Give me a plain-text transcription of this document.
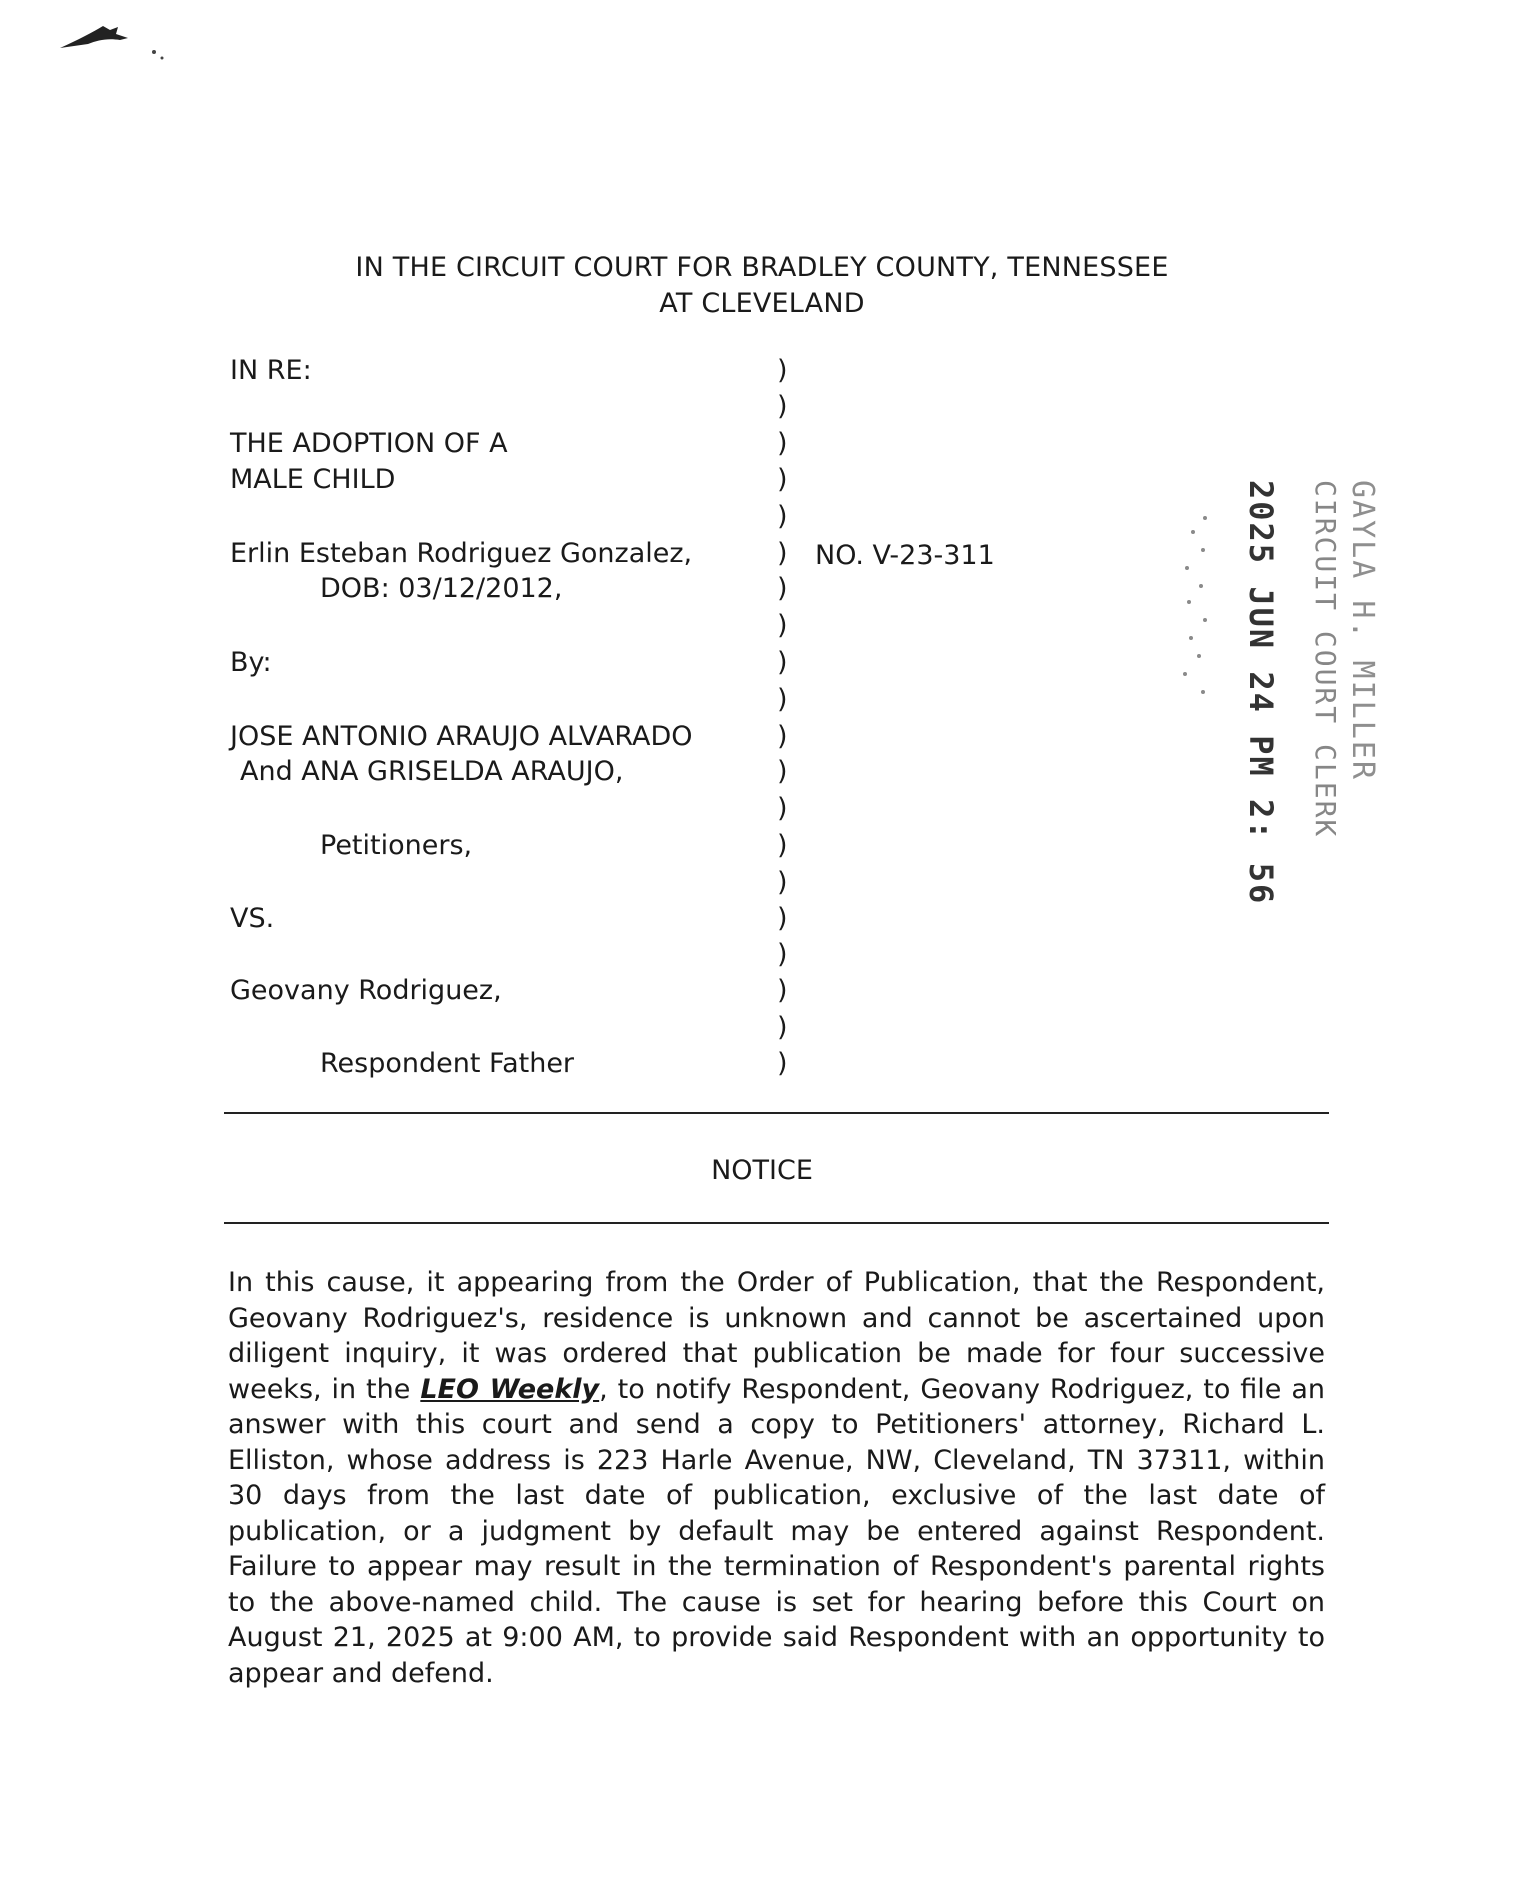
IN THE CIRCUIT COURT FOR BRADLEY COUNTY, TENNESSEE
AT CLEVELAND
IN RE:
THE ADOPTION OF A
MALE CHILD
Erlin Esteban Rodriguez Gonzalez,
DOB: 03/12/2012,
By:
JOSE ANTONIO ARAUJO ALVARADO
And ANA GRISELDA ARAUJO,
Petitioners,
VS.
Geovany Rodriguez,
Respondent Father
)
)
)
)
)
)
)
)
)
)
)
)
)
)
)
)
)
)
)
)
NO. V-23-311	GAYLA H. MILLER
CIRCUIT COURT CLERK
2025 JUN 24 PM 2: 56
NOTICE
In this cause, it appearing from the Order of Publication, that the Respondent, Geovany Rodriguez's, residence is unknown and cannot be ascertained upon diligent inquiry, it was ordered that publication be made for four successive weeks, in the LEO Weekly, to notify Respondent, Geovany Rodriguez, to file an answer with this court and send a copy to Petitioners' attorney, Richard L. Elliston, whose address is 223 Harle Avenue, NW, Cleveland, TN 37311, within 30 days from the last date of publication, exclusive of the last date of publication, or a judgment by default may be entered against Respondent. Failure to appear may result in the termination of Respondent's parental rights to the above-named child. The cause is set for hearing before this Court on August 21, 2025 at 9:00 AM, to provide said Respondent with an opportunity to appear and defend.
